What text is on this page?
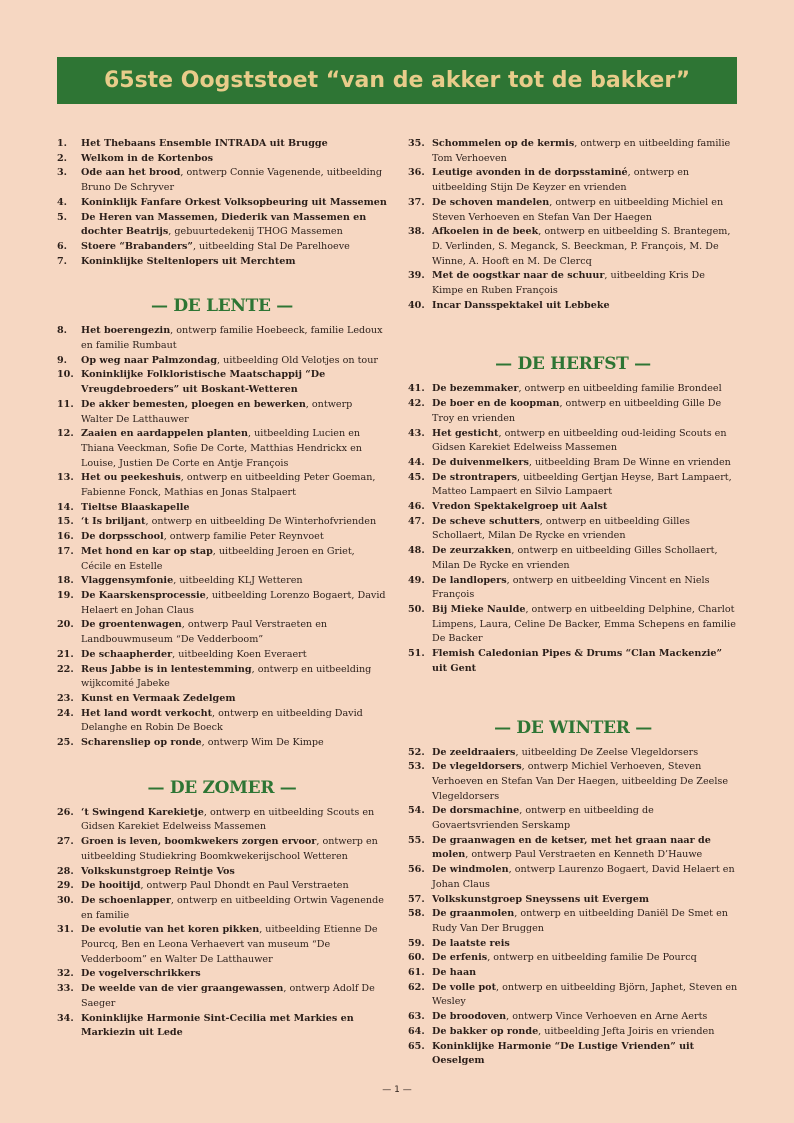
65ste Oogststoet “van de akker tot de bakker”
1.	Het Thebaans Ensemble INTRADA uit Brugge
2.	Welkom in de Kortenbos
3.	Ode aan het brood, ontwerp Connie Vagenende, uitbeelding Bruno De Schryver
4.	Koninklijk Fanfare Orkest Volksopbeuring uit Massemen
5.	De Heren van Massemen, Diederik van Massemen en dochter Beatrijs, gebuurtedekenij THOG Massemen
6.	Stoere “Brabanders”, uitbeelding Stal De Parelhoeve
7.	Koninklijke Steltenlopers uit Merchtem
— DE LENTE —
8.	Het boerengezin, ontwerp familie Hoebeeck, familie Ledoux en familie Rumbaut
9.	Op weg naar Palmzondag, uitbeelding Old Velotjes on tour
10. Koninklijke Folkloristische Maatschappij “De Vreugdebroeders” uit Boskant-Wetteren
11. De akker bemesten, ploegen en bewerken, ontwerp Walter De Latthauwer
12. Zaaien en aardappelen planten, uitbeelding Lucien en Thiana Veeckman, Sofie De Corte, Matthias Hendrickx en Louise, Justien De Corte en Antje François
13. Het ou peekeshuis, ontwerp en uitbeelding Peter Goeman, Fabienne Fonck, Mathias en Jonas Stalpaert
14. Tieltse Blaaskapelle
15. ‘t Is briljant, ontwerp en uitbeelding De Winterhofvrienden
16. De dorpsschool, ontwerp familie Peter Reynvoet
17. Met hond en kar op stap, uitbeelding Jeroen en Griet, Cécile en Estelle
18. Vlaggensymfonie, uitbeelding KLJ Wetteren
19. De Kaarskensprocessie, uitbeelding Lorenzo Bogaert, David Helaert en Johan Claus
20. De groentenwagen, ontwerp Paul Verstraeten en Landbouwmuseum “De Vedderboom”
21. De schaapherder, uitbeelding Koen Everaert
22. Reus Jabbe is in lentestemming, ontwerp en uitbeelding wijkcomité Jabeke
23. Kunst en Vermaak Zedelgem
24. Het land wordt verkocht, ontwerp en uitbeelding David Delanghe en Robin De Boeck
25. Scharensliep op ronde, ontwerp Wim De Kimpe
— DE ZOMER —
26. ‘t Swingend Karekietje, ontwerp en uitbeelding Scouts en Gidsen Karekiet Edelweiss Massemen
27. Groen is leven, boomkwekers zorgen ervoor, ontwerp en uitbeelding Studiekring Boomkwekerijschool Wetteren
28. Volkskunstgroep Reintje Vos
29. De hooitijd, ontwerp Paul Dhondt en Paul Verstraeten
30. De schoenlapper, ontwerp en uitbeelding Ortwin Vagenende en familie
31. De evolutie van het koren pikken, uitbeelding Etienne De Pourcq, Ben en Leona Verhaevert van museum “De Vedderboom” en Walter De Latthauwer
32. De vogelverschrikkers
33. De weelde van de vier graangewassen, ontwerp Adolf De Saeger
34. Koninklijke Harmonie Sint-Cecilia met Markies en Markiezin uit Lede
35. Schommelen op de kermis, ontwerp en uitbeelding familie Tom Verhoeven
36. Leutige avonden in de dorpsstaminé, ontwerp en uitbeelding Stijn De Keyzer en vrienden
37. De schoven mandelen, ontwerp en uitbeelding Michiel en Steven Verhoeven en Stefan Van Der Haegen
38. Afkoelen in de beek, ontwerp en uitbeelding S. Brantegem, D. Verlinden, S. Meganck, S. Beeckman, P. François, M. De Winne, A. Hooft en M. De Clercq
39. Met de oogstkar naar de schuur, uitbeelding Kris De Kimpe en Ruben François
40. Incar Dansspektakel uit Lebbeke
— DE HERFST —
41. De bezemmaker, ontwerp en uitbeelding familie Brondeel
42. De boer en de koopman, ontwerp en uitbeelding Gille De Troy en vrienden
43. Het gesticht, ontwerp en uitbeelding oud-leiding Scouts en Gidsen Karekiet Edelweiss Massemen
44. De duivenmelkers, uitbeelding Bram De Winne en vrienden
45. De strontrapers, uitbeelding Gertjan Heyse, Bart Lampaert, Matteo Lampaert en Silvio Lampaert
46. Vredon Spektakelgroep uit Aalst
47. De scheve schutters, ontwerp en uitbeelding Gilles Schollaert, Milan De Rycke en vrienden
48. De zeurzakken, ontwerp en uitbeelding Gilles Schollaert, Milan De Rycke en vrienden
49. De landlopers, ontwerp en uitbeelding Vincent en Niels François
50. Bij Mieke Naulde, ontwerp en uitbeelding Delphine, Charlot Limpens, Laura, Celine De Backer, Emma Schepens en familie De Backer
51. Flemish Caledonian Pipes & Drums “Clan Mackenzie” uit Gent
— DE WINTER —
52. De zeeldraaiers, uitbeelding De Zeelse Vlegeldorsers
53. De vlegeldorsers, ontwerp Michiel Verhoeven, Steven Verhoeven en Stefan Van Der Haegen, uitbeelding De Zeelse Vlegeldorsers
54. De dorsmachine, ontwerp en uitbeelding de Govaertsvrienden Serskamp
55. De graanwagen en de ketser, met het graan naar de molen, ontwerp Paul Verstraeten en Kenneth D’Hauwe
56. De windmolen, ontwerp Laurenzo Bogaert, David Helaert en Johan Claus
57. Volkskunstgroep Sneyssens uit Evergem
58. De graanmolen, ontwerp en uitbeelding Daniël De Smet en Rudy Van Der Bruggen
59. De laatste reis
60. De erfenis, ontwerp en uitbeelding familie De Pourcq
61. De haan
62. De volle pot, ontwerp en uitbeelding Björn, Japhet, Steven en Wesley
63. De broodoven, ontwerp Vince Verhoeven en Arne Aerts
64. De bakker op ronde, uitbeelding Jefta Joiris en vrienden
65. Koninklijke Harmonie “De Lustige Vrienden” uit Oeselgem
— 1 —
